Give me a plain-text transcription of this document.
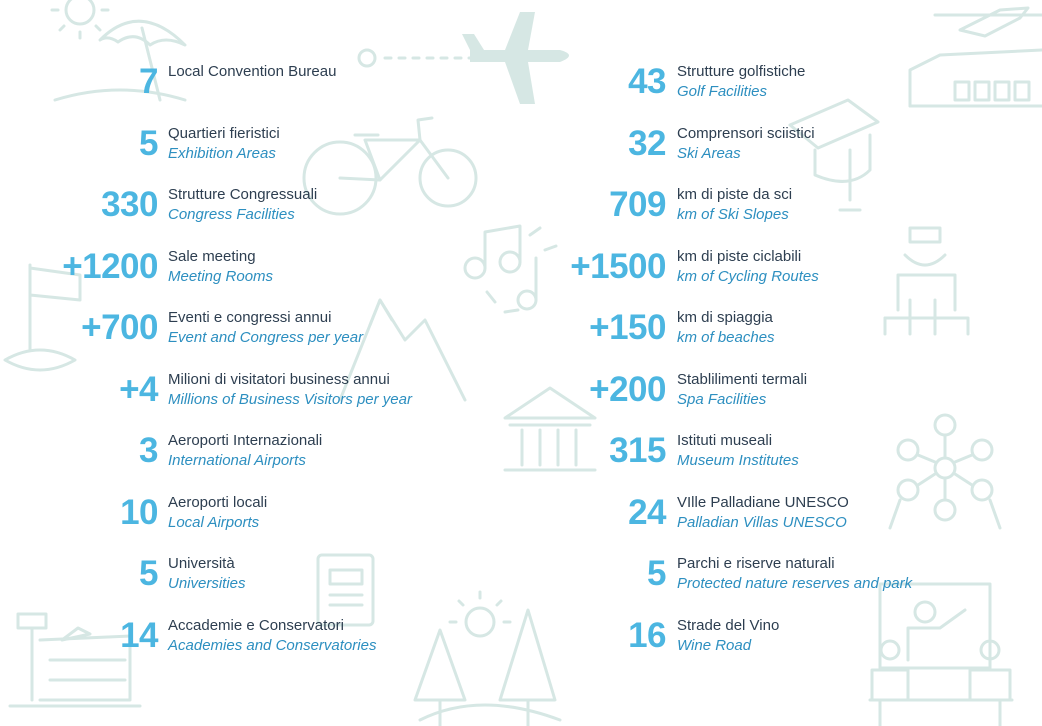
7 Local Convention Bureau
5 Quartieri fieristici
Exhibition Areas
330 Strutture Congressuali
Congress Facilities
+1200 Sale meeting
Meeting Rooms
+700 Eventi e congressi annui
Event and Congress per year
+4 Milioni di visitatori business annui
Millions of Business Visitors per year
3 Aeroporti Internazionali
International Airports
10 Aeroporti locali
Local Airports
5 Università
Universities
14 Accademie e Conservatori
Academies and Conservatories
43 Strutture golfistiche
Golf Facilities
32 Comprensori sciistici
Ski Areas
709 km di piste da sci
km of Ski Slopes
+1500 km di piste ciclabili
km of Cycling Routes
+150 km di spiaggia
km of beaches
+200 Stablilimenti termali
Spa Facilities
315 Istituti museali
Museum Institutes
24 VIlle Palladiane UNESCO
Palladian Villas UNESCO
5 Parchi e riserve naturali
Protected nature reserves and park
16 Strade del Vino
Wine Road
